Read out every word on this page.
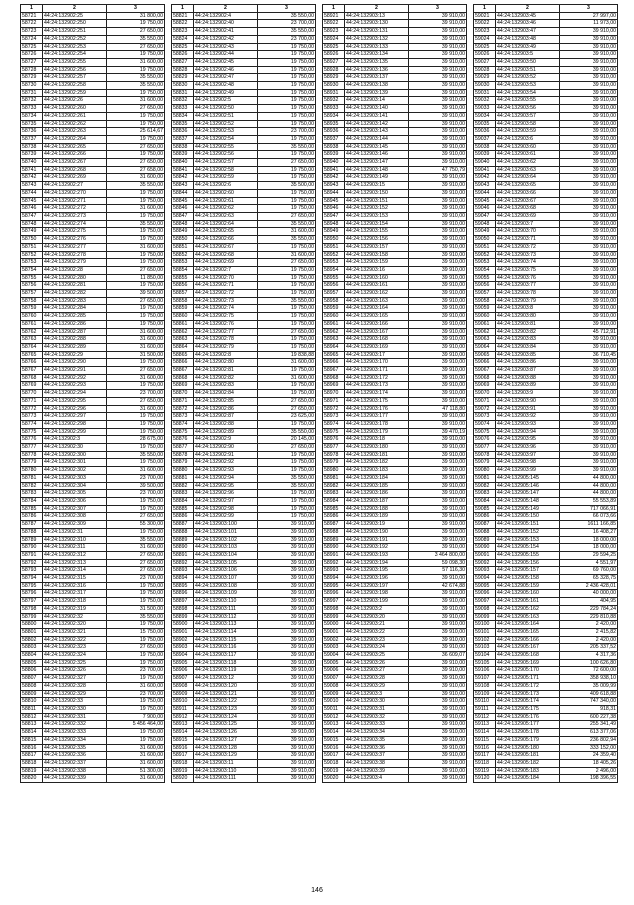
1	2	3
58721	44:24:132902:25	31 800,00
58722	44:24:132902:250	19 750,00
58723	44:24:132902:251	27 650,00
58724	44:24:132902:252	35 550,00
58725	44:24:132902:253	27 650,00
58726	44:24:132902:254	19 750,00
58727	44:24:132902:255	31 600,00
58728	44:24:132902:256	19 750,00
58729	44:24:132902:257	35 550,00
58730	44:24:132902:258	35 550,00
58731	44:24:132902:259	19 750,00
58732	44:24:132902:26	31 600,00
58733	44:24:132902:260	27 650,00
58734	44:24:132902:261	19 750,00
58735	44:24:132902:262	19 750,00
58736	44:24:132902:263	25 614,67
58737	44:24:132902:264	19 750,00
58738	44:24:132902:265	27 650,00
58739	44:24:132902:266	19 750,00
58740	44:24:132902:267	27 650,00
58741	44:24:132902:268	27 658,00
58742	44:24:132902:269	31 600,00
58743	44:24:132902:27	35 550,00
58744	44:24:132902:270	19 750,00
58745	44:24:132902:271	19 750,00
58746	44:24:132902:272	31 600,00
58747	44:24:132902:273	19 750,00
58748	44:24:132902:274	35 550,00
58749	44:24:132902:275	19 750,00
58750	44:24:132902:276	19 750,00
58751	44:24:132902:277	31 600,00
58752	44:24:132902:278	19 750,00
58753	44:24:132902:279	19 750,00
58754	44:24:132902:28	27 650,00
58755	44:24:132902:280	11 850,00
58756	44:24:132902:281	19 750,00
58757	44:24:132902:282	39 500,00
58758	44:24:132902:283	27 650,00
58759	44:24:132902:284	19 750,00
58760	44:24:132902:285	19 750,00
58761	44:24:132902:286	19 750,00
58762	44:24:132902:287	31 600,00
58763	44:24:132902:288	31 600,00
58764	44:24:132902:289	31 600,00
58765	44:24:132902:29	31 500,00
58766	44:24:132902:290	19 750,00
58767	44:24:132902:291	27 650,00
58768	44:24:132902:292	31 600,00
58769	44:24:132902:293	19 750,00
58770	44:24:132902:294	23 700,00
58771	44:24:132902:295	27 650,00
58772	44:24:132902:296	31 600,00
58773	44:24:132902:297	19 750,00
58774	44:24:132902:298	19 750,00
58775	44:24:132902:299	19 750,00
58776	44:24:132902:3	28 675,00
58777	44:24:132902:30	19 750,00
58778	44:24:132902:300	35 550,00
58779	44:24:132902:301	19 750,00
58780	44:24:132902:302	31 600,00
58781	44:24:132902:303	23 700,00
58782	44:24:132902:304	39 500,00
58783	44:24:132902:305	23 700,00
58784	44:24:132902:306	19 750,00
58785	44:24:132902:307	19 750,00
58786	44:24:132902:308	27 650,00
58787	44:24:132902:309	55 300,00
58788	44:24:132902:31	19 750,00
58789	44:24:132902:310	35 550,00
58790	44:24:132902:311	31 600,00
58791	44:24:132902:312	27 650,00
58792	44:24:132902:313	27 650,00
58793	44:24:132902:314	27 650,00
58794	44:24:132902:315	23 700,00
58795	44:24:132902:316	19 750,00
58796	44:24:132902:317	19 750,00
58797	44:24:132902:318	19 750,00
58798	44:24:132902:319	31 500,00
58799	44:24:132902:32	35 550,00
58800	44:24:132902:320	19 750,00
58801	44:24:132902:321	15 750,00
58802	44:24:132902:322	19 750,00
58803	44:24:132902:323	27 650,00
58804	44:24:132902:324	19 750,00
58805	44:24:132902:325	19 750,00
58806	44:24:132902:326	23 700,00
58807	44:24:132902:327	19 750,00
58808	44:24:132902:328	31 600,00
58809	44:24:132902:329	23 700,00
58810	44:24:132902:33	19 750,00
58811	44:24:132902:330	19 750,00
58812	44:24:132902:331	7 900,00
58813	44:24:132902:332	5 456 464,00
58814	44:24:132902:333	19 750,00
58815	44:24:132902:334	19 750,00
58816	44:24:132902:335	31 600,00
58817	44:24:132902:336	31 600,00
58818	44:24:132902:337	31 600,00
58819	44:24:132902:338	51 300,00
58820	44:24:132902:339	31 600,00
1	2	3
58821	44:24:132902:4	35 550,00
58822	44:24:132902:40	23 700,00
58823	44:24:132902:41	35 550,00
58824	44:24:132902:42	23 700,00
58825	44:24:132902:43	19 750,00
58826	44:24:132902:44	19 750,00
58827	44:24:132902:45	19 750,00
58828	44:24:132902:46	19 750,00
58829	44:24:132902:47	19 750,00
58830	44:24:132902:48	19 750,00
58831	44:24:132902:49	19 750,00
58832	44:24:132902:5	19 750,00
58833	44:24:132902:50	19 750,00
58834	44:24:132902:51	19 750,00
58835	44:24:132902:52	19 750,00
58836	44:24:132902:53	23 700,00
58837	44:24:132902:54	19 750,00
58838	44:24:132902:55	35 550,00
58839	44:24:132902:56	19 750,00
58840	44:24:132902:57	27 650,00
58841	44:24:132902:58	19 750,00
58842	44:24:132902:59	19 750,00
58843	44:24:132902:6	35 500,00
58844	44:24:132902:60	19 750,00
58845	44:24:132902:61	19 750,00
58846	44:24:132902:62	19 750,00
58847	44:24:132902:63	27 650,00
58848	44:24:132902:64	35 550,00
58849	44:24:132902:65	31 600,00
58850	44:24:132902:66	35 550,00
58851	44:24:132902:67	19 750,00
58852	44:24:132902:68	31 600,00
58853	44:24:132902:69	27 650,00
58854	44:24:132902:7	19 750,00
58855	44:24:132902:70	19 750,00
58856	44:24:132902:71	19 750,00
58857	44:24:132902:72	19 750,00
58858	44:24:132902:73	35 550,00
58859	44:24:132902:74	19 750,00
58860	44:24:132902:75	19 750,00
58861	44:24:132902:76	19 750,00
58862	44:24:132902:77	27 650,00
58863	44:24:132902:78	19 750,00
58864	44:24:132902:79	19 750,00
58865	44:24:132902:8	19 838,88
58866	44:24:132902:80	31 600,00
58867	44:24:132902:81	19 750,00
58868	44:24:132902:82	31 600,00
58869	44:24:132902:83	19 750,00
58870	44:24:132902:84	19 750,00
58871	44:24:132902:85	27 650,00
58872	44:24:132902:86	27 650,00
58873	44:24:132902:87	23 625,00
58874	44:24:132902:88	19 750,00
58875	44:24:132902:89	35 550,00
58876	44:24:132902:9	20 145,00
58877	44:24:132902:90	27 650,00
58878	44:24:132902:91	19 750,00
58879	44:24:132902:92	19 750,00
58880	44:24:132902:93	19 750,00
58881	44:24:132902:94	35 550,00
58882	44:24:132902:95	35 550,00
58883	44:24:132902:96	19 750,00
58884	44:24:132902:97	19 750,00
58885	44:24:132902:98	19 750,00
58886	44:24:132902:99	19 750,00
58887	44:24:132903:100	39 910,00
58888	44:24:132903:101	39 910,00
58889	44:24:132903:102	39 910,00
58890	44:24:132903:103	39 910,00
58891	44:24:132903:104	39 910,00
58892	44:24:132903:105	39 910,00
58893	44:24:132903:106	39 910,00
58894	44:24:132903:107	39 910,00
58895	44:24:132903:108	39 910,00
58896	44:24:132903:109	39 910,00
58897	44:24:132903:110	39 910,00
58898	44:24:132903:111	39 910,00
58899	44:24:132903:112	39 910,00
58900	44:24:132903:113	39 910,00
58901	44:24:132903:114	39 910,00
58902	44:24:132903:115	39 910,00
58903	44:24:132903:116	39 910,00
58904	44:24:132903:117	39 910,00
58905	44:24:132903:118	39 910,00
58906	44:24:132903:119	39 910,00
58907	44:24:132903:12	39 910,00
58908	44:24:132903:120	39 910,00
58909	44:24:132903:121	39 910,00
58910	44:24:132903:122	39 910,00
58911	44:24:132903:123	39 910,00
58912	44:24:132903:124	39 910,00
58913	44:24:132903:125	39 910,00
58914	44:24:132903:126	39 910,00
58915	44:24:132903:127	39 910,00
58916	44:24:132903:128	39 910,00
58917	44:24:132903:129	39 910,00
58918	44:24:132903:11	39 910,00
58919	44:24:132903:110	39 910,00
58920	44:24:132903:111	39 910,00
1	2	3
58921	44:24:132903:13	39 910,00
58922	44:24:132903:130	39 910,00
58923	44:24:132903:131	39 910,00
58924	44:24:132903:132	39 910,00
58925	44:24:132903:133	39 910,00
58926	44:24:132903:134	39 910,00
58927	44:24:132903:135	39 910,00
58928	44:24:132903:136	39 910,00
58929	44:24:132903:137	39 910,00
58930	44:24:132903:138	39 910,00
58931	44:24:132903:139	39 910,00
58932	44:24:132903:14	39 910,00
58933	44:24:132903:140	39 910,00
58934	44:24:132903:141	39 910,00
58935	44:24:132903:142	39 910,00
58936	44:24:132903:143	39 910,00
58937	44:24:132903:144	39 910,00
58938	44:24:132903:145	39 910,00
58939	44:24:132903:146	39 910,00
58940	44:24:132903:147	39 910,00
58941	44:24:132903:148	47 750,79
58942	44:24:132903:149	39 910,00
58943	44:24:132903:15	39 910,00
58944	44:24:132903:150	39 910,00
58945	44:24:132903:151	39 910,00
58946	44:24:132903:152	39 910,00
58947	44:24:132903:153	39 910,00
58948	44:24:132903:154	39 910,00
58949	44:24:132903:155	39 910,00
58950	44:24:132903:156	39 910,00
58951	44:24:132903:157	39 910,00
58952	44:24:132903:158	39 910,00
58953	44:24:132903:159	39 910,00
58954	44:24:132903:16	39 910,00
58955	44:24:132903:160	39 910,00
58956	44:24:132903:161	39 910,00
58957	44:24:132903:162	39 910,00
58958	44:24:132903:163	39 910,00
58959	44:24:132903:164	39 910,00
58960	44:24:132903:165	39 910,00
58961	44:24:132903:166	39 910,00
58962	44:24:132903:167	39 910,00
58963	44:24:132903:168	39 910,00
58964	44:24:132903:169	39 910,00
58965	44:24:132903:17	39 910,00
58966	44:24:132903:170	39 910,00
58967	44:24:132903:171	39 910,00
58968	44:24:132903:172	39 910,00
58969	44:24:132903:173	39 910,00
58970	44:24:132903:174	39 910,00
58971	44:24:132903:175	39 910,00
58972	44:24:132903:176	47 118,80
58973	44:24:132903:177	39 910,00
58974	44:24:132903:178	39 910,00
58975	44:24:132903:179	39 470,19
58976	44:24:132903:18	39 910,00
58977	44:24:132903:180	39 910,00
58978	44:24:132903:181	39 910,00
58979	44:24:132903:182	39 910,00
58980	44:24:132903:183	39 910,00
58981	44:24:132903:184	39 910,00
58982	44:24:132903:185	39 910,00
58983	44:24:132903:186	39 910,00
58984	44:24:132903:187	39 910,00
58985	44:24:132903:188	39 910,00
58986	44:24:132903:189	39 910,00
58987	44:24:132903:19	39 910,00
58988	44:24:132903:190	39 910,00
58989	44:24:132903:191	39 910,00
58990	44:24:132903:192	39 910,00
58991	44:24:132903:193	3 464 800,00
58992	44:24:132903:194	59 098,30
58993	44:24:132903:195	57 116,30
58994	44:24:132903:196	39 910,00
58995	44:24:132903:197	42 674,88
58996	44:24:132903:198	39 910,00
58997	44:24:132903:199	39 910,00
58998	44:24:132903:2	39 910,00
58999	44:24:132903:20	39 910,00
59000	44:24:132903:21	39 910,00
59001	44:24:132903:22	39 910,00
59002	44:24:132903:23	39 910,00
59003	44:24:132903:24	39 910,00
59004	44:24:132903:25	36 609,07
59005	44:24:132903:26	39 910,00
59006	44:24:132903:27	39 910,00
59007	44:24:132903:28	39 910,00
59008	44:24:132903:29	39 910,00
59009	44:24:132903:3	39 910,00
59010	44:24:132903:30	39 910,00
59011	44:24:132903:31	39 910,00
59012	44:24:132903:32	39 910,00
59013	44:24:132903:33	39 910,00
59014	44:24:132903:34	39 910,00
59015	44:24:132903:35	39 910,00
59016	44:24:132903:36	39 910,00
59017	44:24:132903:37	39 910,00
59018	44:24:132903:38	39 910,00
59019	44:24:132903:39	39 910,00
59020	44:24:132903:4	39 910,00
1	2	3
59021	44:24:132903:45	27 997,00
59022	44:24:132903:46	11 973,00
59023	44:24:132903:47	39 910,00
59024	44:24:132903:48	39 910,00
59025	44:24:132903:49	39 910,00
59026	44:24:132903:5	39 910,00
59027	44:24:132903:50	39 910,00
59028	44:24:132903:51	39 910,00
59029	44:24:132903:52	39 910,00
59030	44:24:132903:53	39 910,00
59031	44:24:132903:54	39 910,00
59032	44:24:132903:55	39 910,00
59033	44:24:132903:56	39 910,00
59034	44:24:132903:57	39 910,00
59035	44:24:132903:58	39 910,00
59036	44:24:132903:59	39 910,00
59037	44:24:132903:6	39 910,00
59038	44:24:132903:60	39 910,00
59039	44:24:132903:61	39 910,00
59040	44:24:132903:62	39 910,00
59041	44:24:132903:63	39 910,00
59042	44:24:132903:64	39 910,00
59043	44:24:132903:65	39 910,00
59044	44:24:132903:66	39 910,00
59045	44:24:132903:67	39 910,00
59046	44:24:132903:68	39 910,00
59047	44:24:132903:69	39 910,00
59048	44:24:132903:7	39 910,00
59049	44:24:132903:70	39 910,00
59050	44:24:132903:71	39 910,00
59051	44:24:132903:72	39 910,00
59052	44:24:132903:73	39 910,00
59053	44:24:132903:74	39 910,00
59054	44:24:132903:75	39 910,00
59055	44:24:132903:76	39 910,00
59056	44:24:132903:77	39 910,00
59057	44:24:132903:78	39 910,00
59058	44:24:132903:79	39 910,00
59059	44:24:132903:8	39 910,00
59060	44:24:132903:80	39 910,00
59061	44:24:132903:81	39 910,00
59062	44:24:132903:82	45 712,91
59063	44:24:132903:83	39 910,00
59064	44:24:132903:84	39 910,00
59065	44:24:132903:85	36 710,45
59066	44:24:132903:86	39 910,00
59067	44:24:132903:87	39 910,00
59068	44:24:132903:88	39 910,00
59069	44:24:132903:89	39 910,00
59070	44:24:132903:9	39 910,00
59071	44:24:132903:90	39 910,00
59072	44:24:132903:91	39 910,00
59073	44:24:132903:92	39 910,00
59074	44:24:132903:93	39 910,00
59075	44:24:132903:94	39 910,00
59076	44:24:132903:95	39 910,00
59077	44:24:132903:96	39 910,00
59078	44:24:132903:97	39 910,00
59079	44:24:132903:98	39 910,00
59080	44:24:132903:99	39 910,00
59081	44:24:132905:145	44 800,00
59082	44:24:132905:146	44 800,00
59083	44:24:132905:147	44 800,00
59084	44:24:132905:148	55 553,89
59085	44:24:132905:149	717 066,91
59086	44:24:132905:150	66 073,66
59087	44:24:132905:151	1611 166,85
59088	44:24:132905:152	16 408,27
59089	44:24:132905:153	18 000,00
59090	44:24:132905:154	18 000,00
59091	44:24:132905:155	29 594,25
59092	44:24:132905:156	4 551,97
59093	44:24:132905:157	69 760,00
59094	44:24:132905:158	65 328,75
59095	44:24:132905:159	2 436 428,01
59096	44:24:132905:160	40 000,00
59097	44:24:132905:161	404,95
59098	44:24:132905:162	229 784,24
59099	44:24:132905:163	229 810,88
59100	44:24:132905:164	2 420,00
59101	44:24:132905:165	2 415,82
59102	44:24:132905:166	2 420,00
59103	44:24:132905:167	205 337,52
59104	44:24:132905:168	4 317,36
59105	44:24:132905:169	100 626,80
59106	44:24:132905:170	72 600,00
59107	44:24:132905:171	358 938,10
59108	44:24:132905:172	35 009,99
59109	44:24:132905:173	409 618,88
59110	44:24:132905:174	747 340,00
59111	44:24:132905:175	918,31
59112	44:24:132905:176	600 227,38
59113	44:24:132905:177	255 341,49
59114	44:24:132905:178	613 377,06
59115	44:24:132905:179	236 802,94
59116	44:24:132905:180	333 152,00
59117	44:24:132905:181	24 359,40
59118	44:24:132905:182	18 405,26
59119	44:24:132905:183	2 496,00
59120	44:24:132905:184	198 396,55
146
